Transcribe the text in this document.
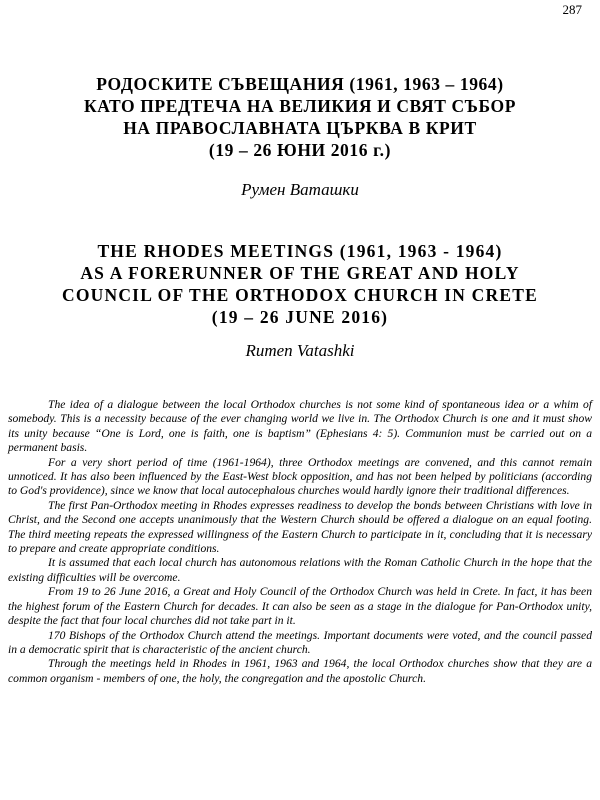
287
РОДОСКИТЕ СЪВЕЩАНИЯ (1961, 1963 – 1964)
КАТО ПРЕДТЕЧА НА ВЕЛИКИЯ И СВЯТ СЪБОР
НА ПРАВОСЛАВНАТА ЦЪРКВА В КРИТ
(19 – 26 ЮНИ 2016 г.)
Румен Ваташки
THE RHODES MEETINGS (1961, 1963 - 1964)
AS A FORERUNNER OF THE GREAT AND HOLY
COUNCIL OF THE ORTHODOX CHURCH IN CRETE
(19 – 26 JUNE 2016)
Rumen Vatashki

The idea of a dialogue between the local Orthodox churches is not some kind of spontaneous idea or a whim of somebody. This is a necessity because of the ever changing world we live in. The Orthodox Church is one and it must show its unity because “One is Lord, one is faith, one is baptism” (Ephesians 4: 5). Communion must be carried out on a permanent basis.

For a very short period of time (1961-1964), three Orthodox meetings are convened, and this cannot remain unnoticed. It has also been influenced by the East-West block opposition, and has not been helped by politicians (according to God's providence), since we know that local autocephalous churches would hardly ignore their traditional differences.

The first Pan-Orthodox meeting in Rhodes expresses readiness to develop the bonds between Christians with love in Christ, and the Second one accepts unanimously that the Western Church should be offered a dialogue on an equal footing. The third meeting repeats the expressed willingness of the Eastern Church to participate in it, concluding that it is necessary to prepare and create appropriate conditions.

It is assumed that each local church has autonomous relations with the Roman Catholic Church in the hope that the existing difficulties will be overcome.

From 19 to 26 June 2016, a Great and Holy Council of the Orthodox Church was held in Crete. In fact, it has been the highest forum of the Eastern Church for decades. It can also be seen as a stage in the dialogue for Pan-Orthodox unity, despite the fact that four local churches did not take part in it.

170 Bishops of the Orthodox Church attend the meetings. Important documents were voted, and the council passed in a democratic spirit that is characteristic of the ancient church.

Through the meetings held in Rhodes in 1961, 1963 and 1964, the local Orthodox churches show that they are a common organism - members of one, the holy, the congregation and the apostolic Church.
